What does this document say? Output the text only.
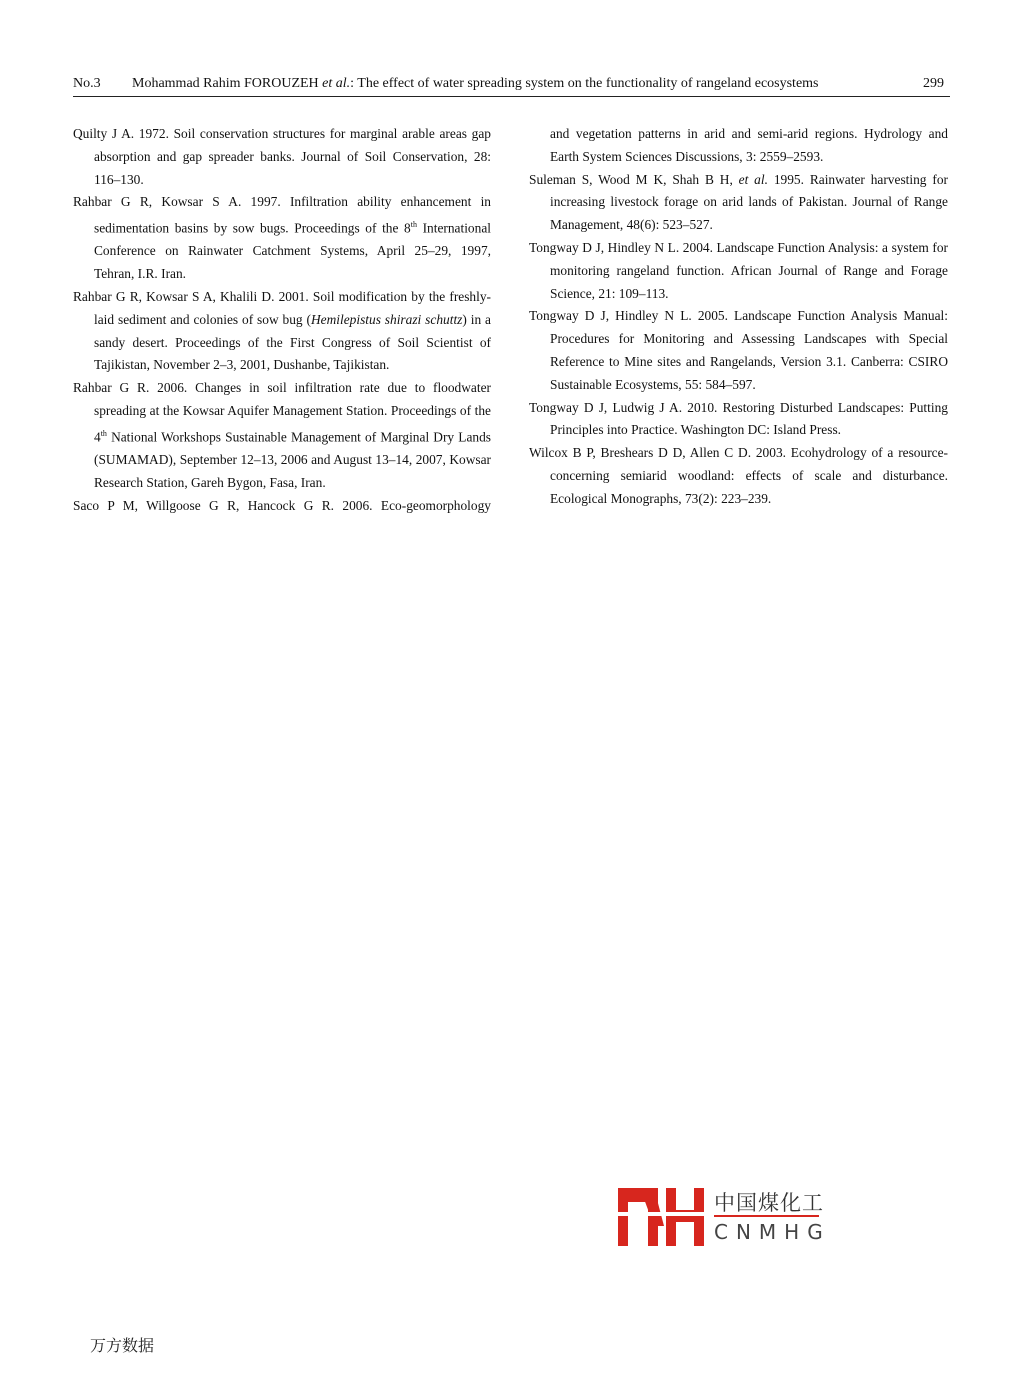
No.3 Mohammad Rahim FOROUZEH et al.: The effect of water spreading system on the functionality of rangeland ecosystems	299

Quilty J A. 1972. Soil conservation structures for marginal arable areas gap absorption and gap spreader banks. Journal of Soil Conservation, 28: 116–130.

Rahbar G R, Kowsar S A. 1997. Infiltration ability enhancement in sedimentation basins by sow bugs. Proceedings of the 8th International Conference on Rainwater Catchment Systems, April 25–29, 1997, Tehran, I.R. Iran.

Rahbar G R, Kowsar S A, Khalili D. 2001. Soil modification by the freshly-laid sediment and colonies of sow bug (Hemilepistus shirazi schuttz) in a sandy desert. Proceedings of the First Congress of Soil Scientist of Tajikistan, November 2–3, 2001, Dushanbe, Tajikistan.

Rahbar G R. 2006. Changes in soil infiltration rate due to floodwater spreading at the Kowsar Aquifer Management Station. Proceedings of the 4th National Workshops Sustainable Management of Marginal Dry Lands (SUMAMAD), September 12–13, 2006 and August 13–14, 2007, Kowsar Research Station, Gareh Bygon, Fasa, Iran.

Saco P M, Willgoose G R, Hancock G R. 2006. Eco-geomorphology

and vegetation patterns in arid and semi-arid regions. Hydrology and Earth System Sciences Discussions, 3: 2559–2593.

Suleman S, Wood M K, Shah B H, et al. 1995. Rainwater harvesting for increasing livestock forage on arid lands of Pakistan. Journal of Range Management, 48(6): 523–527.

Tongway D J, Hindley N L. 2004. Landscape Function Analysis: a system for monitoring rangeland function. African Journal of Range and Forage Science, 21: 109–113.

Tongway D J, Hindley N L. 2005. Landscape Function Analysis Manual: Procedures for Monitoring and Assessing Landscapes with Special Reference to Mine sites and Rangelands, Version 3.1. Canberra: CSIRO Sustainable Ecosystems, 55: 584–597.

Tongway D J, Ludwig J A. 2010. Restoring Disturbed Landscapes: Putting Principles into Practice. Washington DC: Island Press.

Wilcox B P, Breshears D D, Allen C D. 2003. Ecohydrology of a resource-concerning semiarid woodland: effects of scale and disturbance. Ecological Monographs, 73(2): 223–239.

中国煤化工
CNMHG
万方数据
